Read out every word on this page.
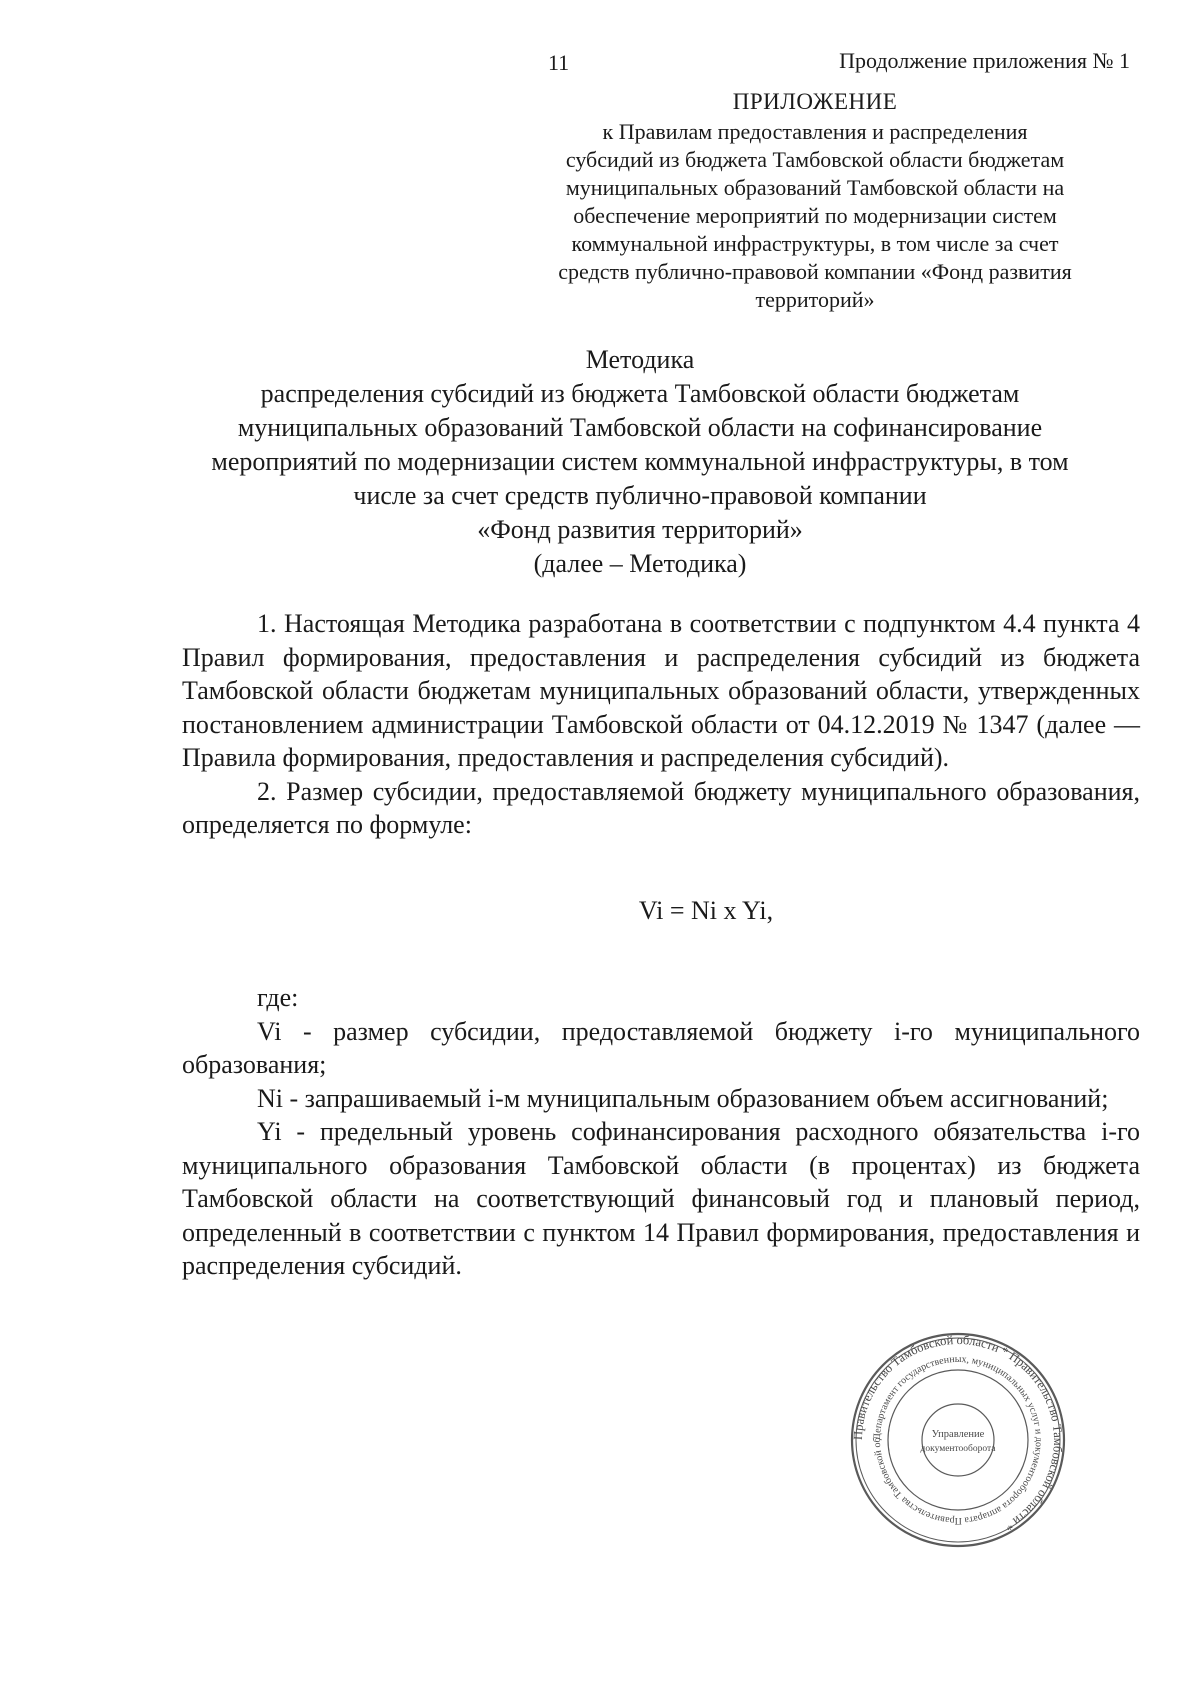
11	Продолжение приложения № 1
ПРИЛОЖЕНИЕ
к Правилам предоставления и распределения
субсидий из бюджета Тамбовской области бюджетам
муниципальных образований Тамбовской области на
обеспечение мероприятий по модернизации систем
коммунальной инфраструктуры, в том числе за счет
средств публично-правовой компании «Фонд развития
территорий»
Методика
распределения субсидий из бюджета Тамбовской области бюджетам
муниципальных образований Тамбовской области на софинансирование
мероприятий по модернизации систем коммунальной инфраструктуры, в том
числе за счет средств публично-правовой компании
«Фонд развития территорий»
(далее – Методика)

1. Настоящая Методика разработана в соответствии с подпунктом 4.4 пункта 4 Правил формирования, предоставления и распределения субсидий из бюджета Тамбовской области бюджетам муниципальных образований области, утвержденных постановлением администрации Тамбовской области от 04.12.2019 № 1347 (далее — Правила формирования, предоставления и распределения субсидий).

2. Размер субсидии, предоставляемой бюджету муниципального образования, определяется по формуле:

Vi = Ni x Yi,

где:

Vi - размер субсидии, предоставляемой бюджету i-го муниципального образования;

Ni - запрашиваемый i-м муниципальным образованием объем ассигнований;

Yi - предельный уровень софинансирования расходного обязательства i-го муниципального образования Тамбовской области (в процентах) из бюджета Тамбовской области на соответствующий финансовый год и плановый период, определенный в соответствии с пунктом 14 Правил формирования, предоставления и распределения субсидий.

Правительство Тамбовской области * Правительство Тамбовской области *
Департамент государственных, муниципальных услуг и документооборота аппарата Правительства Тамбовской об
Управление
документооборота
